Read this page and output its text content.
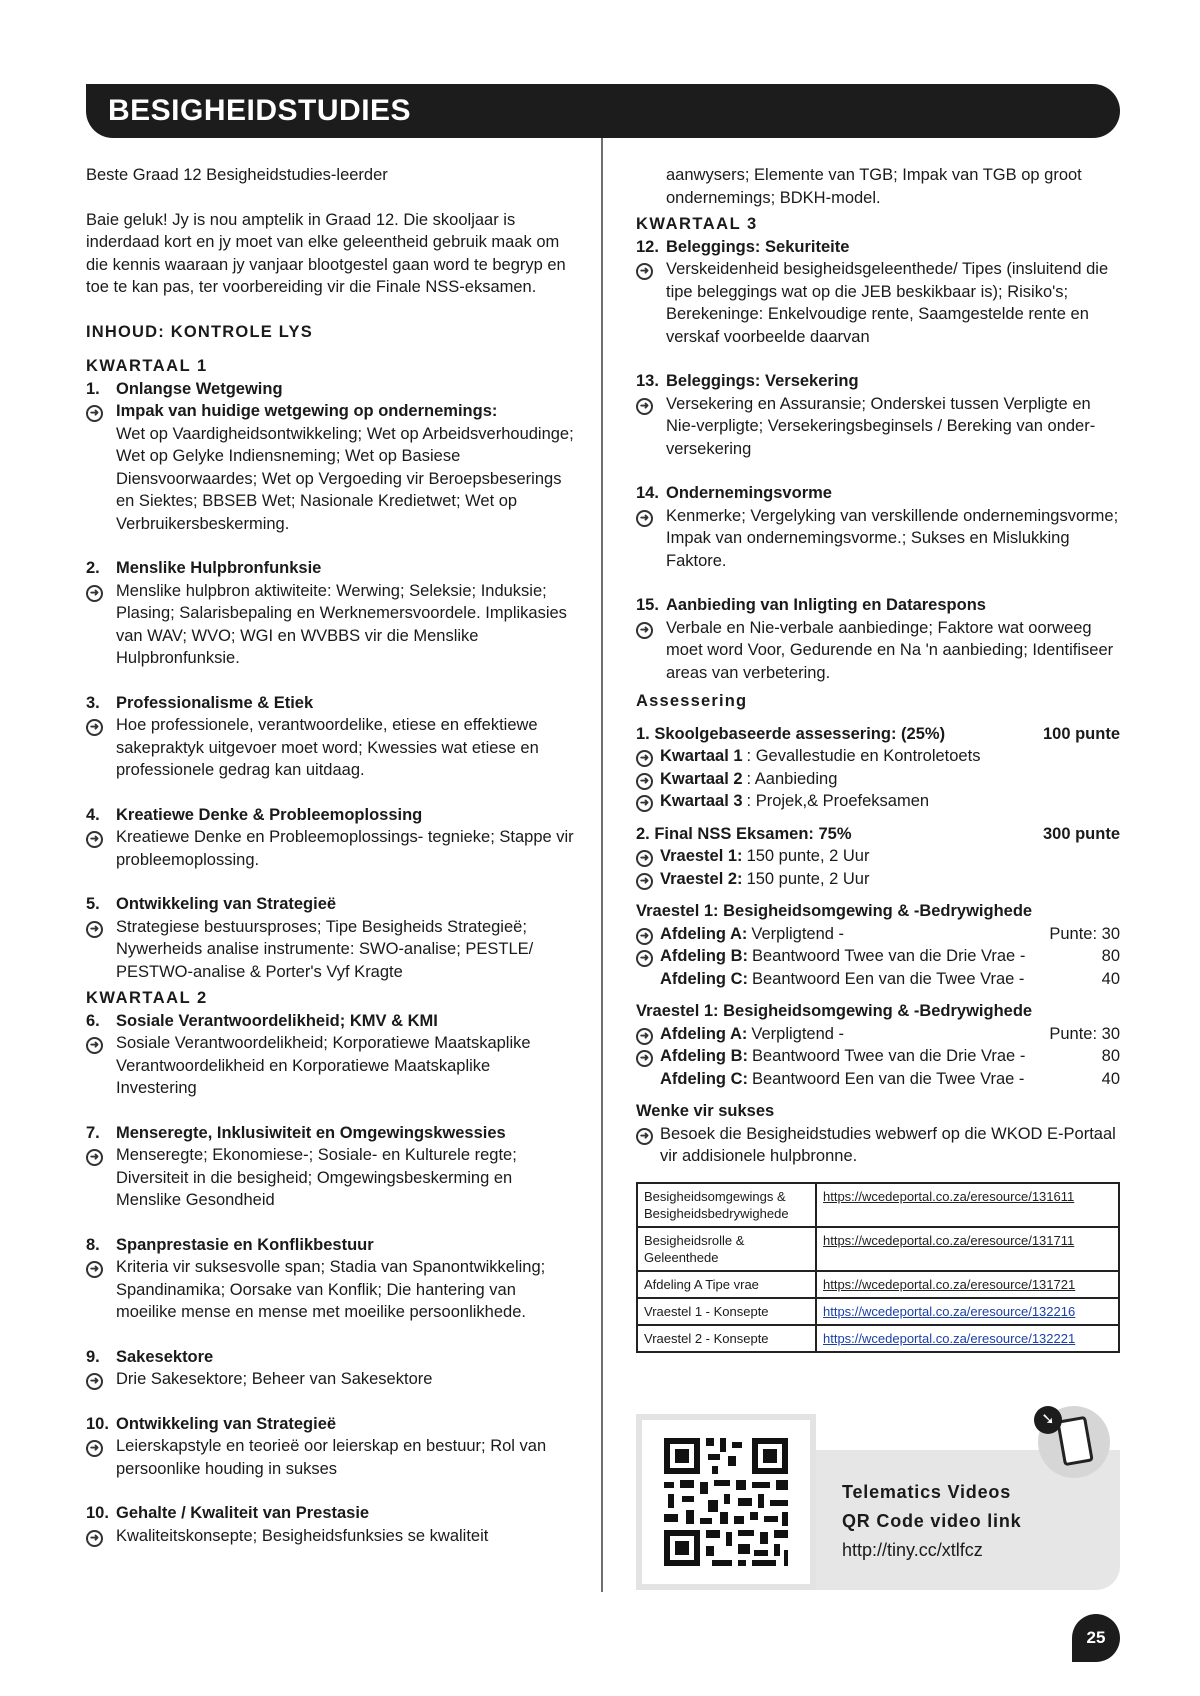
BESIGHEIDSTUDIES

Beste Graad 12 Besigheidstudies-leerder

Baie geluk! Jy is nou amptelik in Graad 12. Die skooljaar is inderdaad kort en jy moet van elke geleentheid gebruik maak om die kennis waaraan jy vanjaar blootgestel gaan word te begryp en toe te kan pas, ter voorbereiding vir die Finale NSS-eksamen.

INHOUD: KONTROLE LYS
KWARTAAL 1
1. Onlangse Wetgewing
➜	Impak van huidige wetgewing op ondernemings:
Wet op Vaardigheidsontwikkeling; Wet op Arbeidsverhoudinge; Wet op Gelyke Indiensneming; Wet op Basiese Diensvoorwaardes; Wet op Vergoeding vir Beroepsbeserings en Siektes; BBSEB Wet; Nasionale Kredietwet; Wet op Verbruikersbeskerming.
2. Menslike Hulpbronfunksie
➜	Menslike hulpbron aktiwiteite: Werwing; Seleksie; Induksie; Plasing; Salarisbepaling en Werknemersvoordele. Implikasies van WAV; WVO; WGI en WVBBS vir die Menslike Hulpbronfunksie.
3. Professionalisme & Etiek
➜	Hoe professionele, verantwoordelike, etiese en effektiewe sakepraktyk uitgevoer moet word; Kwessies wat etiese en professionele gedrag kan uitdaag.
4. Kreatiewe Denke & Probleemoplossing
➜	Kreatiewe Denke en Probleemoplossings- tegnieke; Stappe vir probleemoplossing.
5. Ontwikkeling van Strategieë
➜	Strategiese bestuursproses; Tipe Besigheids Strategieë; Nywerheids analise instrumente: SWO-analise; PESTLE/ PESTWO-analise & Porter's Vyf Kragte
KWARTAAL 2
6. Sosiale Verantwoordelikheid; KMV & KMI
➜	Sosiale Verantwoordelikheid; Korporatiewe Maatskaplike Verantwoordelikheid en Korporatiewe Maatskaplike Investering
7. Menseregte, Inklusiwiteit en Omgewingskwessies
➜	Menseregte; Ekonomiese-; Sosiale- en Kulturele regte; Diversiteit in die besigheid; Omgewingsbeskerming en Menslike Gesondheid
8. Spanprestasie en Konflikbestuur
➜	Kriteria vir suksesvolle span; Stadia van Spanontwikkeling; Spandinamika; Oorsake van Konflik; Die hantering van moeilike mense en mense met moeilike persoonlikhede.
9. Sakesektore
➜	Drie Sakesektore; Beheer van Sakesektore
10. Ontwikkeling van Strategieë
➜	Leierskapstyle en teorieë oor leierskap en bestuur; Rol van persoonlike houding in sukses
10. Gehalte / Kwaliteit van Prestasie
➜	Kwaliteitskonsepte; Besigheidsfunksies se kwaliteit
aanwysers; Elemente van TGB; Impak van TGB op groot ondernemings; BDKH-model.
KWARTAAL 3
12. Beleggings: Sekuriteite
➜	Verskeidenheid besigheidsgeleenthede/ Tipes (insluitend die tipe beleggings wat op die JEB beskikbaar is); Risiko's; Berekeninge: Enkelvoudige rente, Saamgestelde rente en verskaf voorbeelde daarvan
13. Beleggings: Versekering
➜	Versekering en Assuransie; Onderskei tussen Verpligte en Nie-verpligte; Versekeringsbeginsels / Bereking van onder-versekering
14. Ondernemingsvorme
➜	Kenmerke; Vergelyking van verskillende ondernemingsvorme; Impak van ondernemingsvorme.; Sukses en Mislukking Faktore.
15. Aanbieding van Inligting en Datarespons
➜	Verbale en Nie-verbale aanbiedinge; Faktore wat oorweeg moet word Voor, Gedurende en Na 'n aanbieding; Identifiseer areas van verbetering.
Assessering
1. Skoolgebaseerde assessering: (25%)	100 punte
➜ Kwartaal 1 : Gevallestudie en Kontroletoets
➜ Kwartaal 2 : Aanbieding
➜ Kwartaal 3 : Projek,& Proefeksamen
2. Final NSS Eksamen: 75%	300 punte
➜ Vraestel 1: 150 punte, 2 Uur
➜ Vraestel 2: 150 punte, 2 Uur
Vraestel 1: Besigheidsomgewing & -Bedrywighede
➜ Afdeling A: Verpligtend -	Punte: 30
➜ Afdeling B: Beantwoord Twee van die Drie Vrae -	80
Afdeling C: Beantwoord Een van die Twee Vrae -	40
Vraestel 1: Besigheidsomgewing & -Bedrywighede
➜ Afdeling A: Verpligtend -	Punte: 30
➜ Afdeling B: Beantwoord Twee van die Drie Vrae -	80
Afdeling C: Beantwoord Een van die Twee Vrae -	40
Wenke vir sukses
➜ Besoek die Besigheidstudies webwerf op die WKOD E-Portaal vir addisionele hulpbronne.
Besigheidsomgewings & Besigheidsbedrywighede	https://wcedeportal.co.za/eresource/131611
Besigheidsrolle & Geleenthede	https://wcedeportal.co.za/eresource/131711
Afdeling A Tipe vrae	https://wcedeportal.co.za/eresource/131721
Vraestel 1 - Konsepte	https://wcedeportal.co.za/eresource/132216
Vraestel 2 - Konsepte	https://wcedeportal.co.za/eresource/132221
Telematics Videos
QR Code video link
http://tiny.cc/xtlfcz
➘
25
